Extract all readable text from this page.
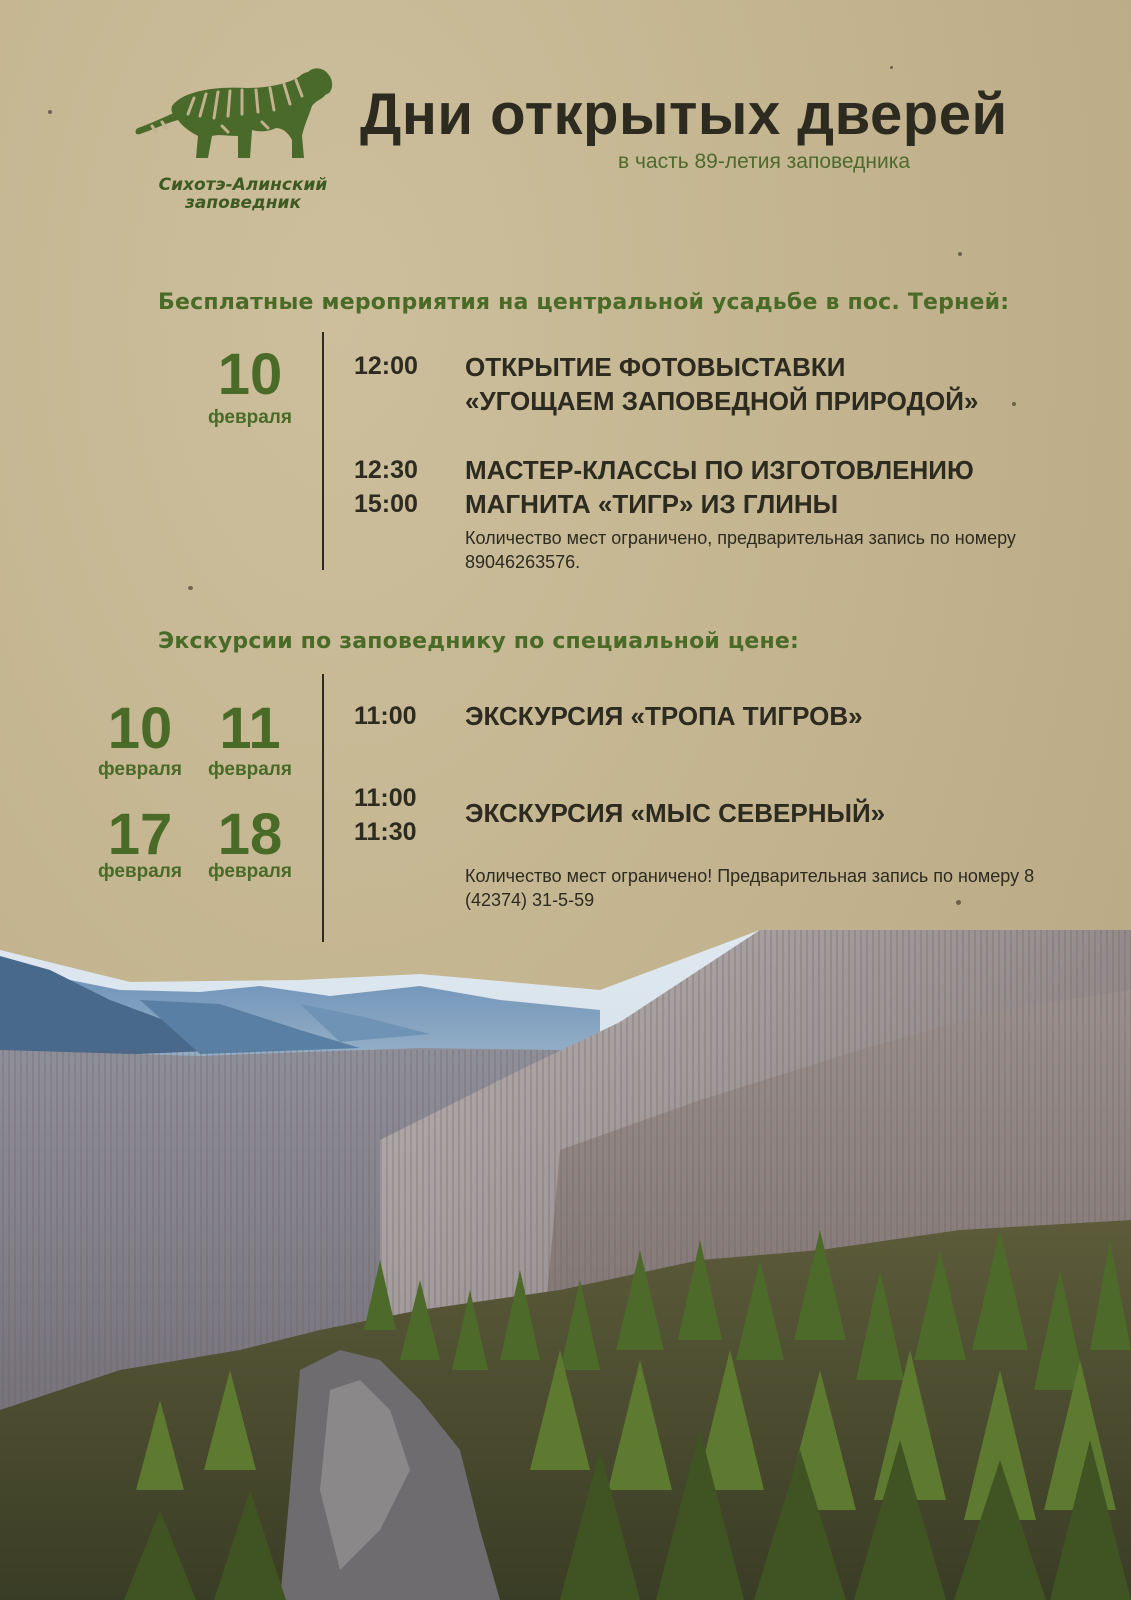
Сихотэ-Алинский
заповедник
Дни открытых дверей
в часть 89-летия заповедника
Бесплатные мероприятия на центральной усадьбе в пос. Терней:
10
февраля
12:00 ОТКРЫТИЕ ФОТОВЫСТАВКИ
«УГОЩАЕМ ЗАПОВЕДНОЙ ПРИРОДОЙ»
12:30
15:00
МАСТЕР-КЛАССЫ ПО ИЗГОТОВЛЕНИЮ
МАГНИТА «ТИГР» ИЗ ГЛИНЫ
Количество мест ограничено, предварительная запись по номеру 89046263576.
Экскурсии по заповеднику по специальной цене:
10
февраля
11
февраля
17
февраля
18
февраля
11:00 ЭКСКУРСИЯ «ТРОПА ТИГРОВ»
11:00
11:30
ЭКСКУРСИЯ «МЫС СЕВЕРНЫЙ»
Количество мест ограничено! Предварительная запись по номеру 8 (42374) 31-5-59
